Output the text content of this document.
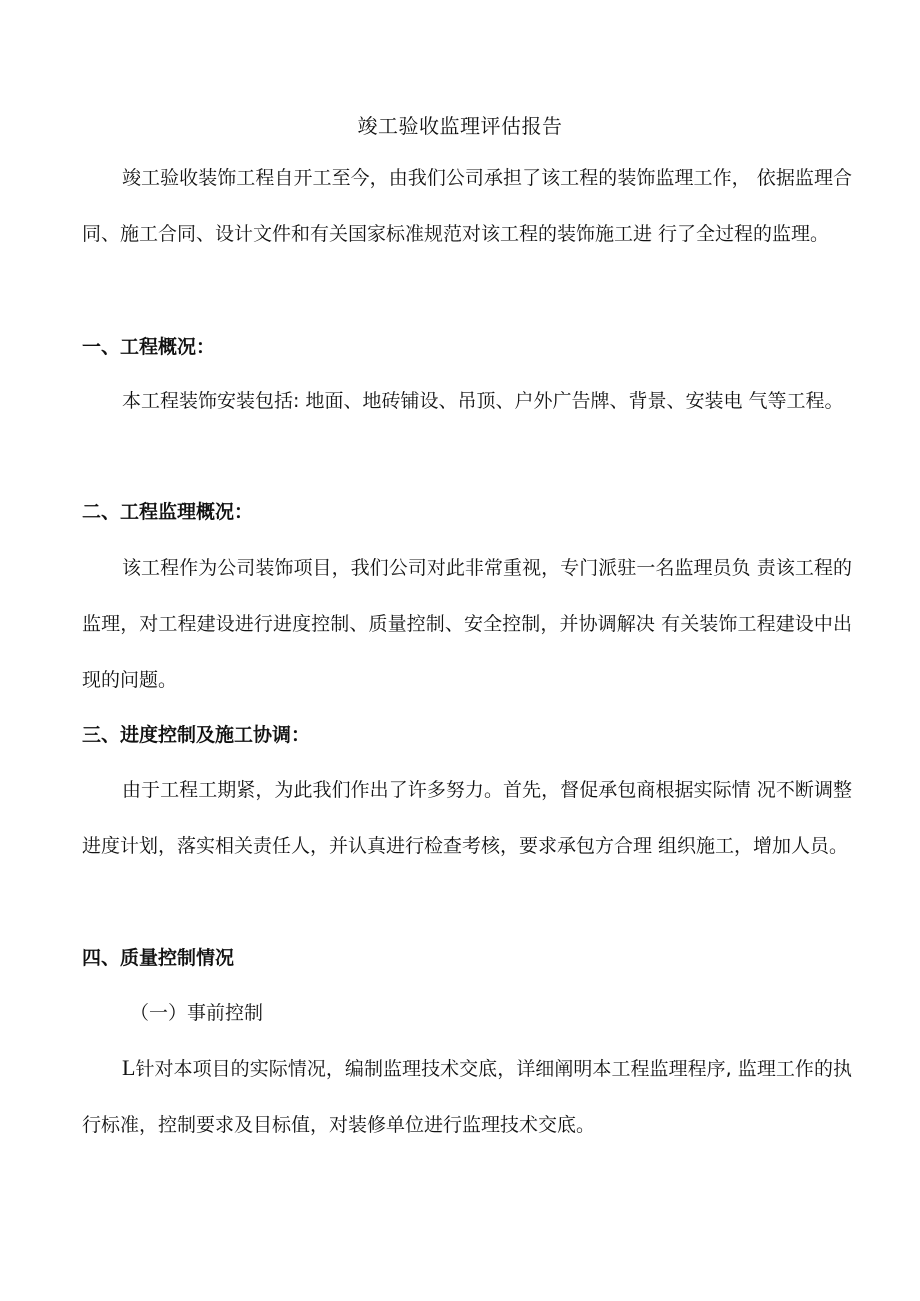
竣工验收监理评估报告
竣工验收装饰工程自开工至今，由我们公司承担了该工程的装饰监理工作， 依据监理合同、施工合同、设计文件和有关国家标准规范对该工程的装饰施工进 行了全过程的监理。
一、工程概况：
本工程装饰安装包括: 地面、地砖铺设、吊顶、户外广告牌、背景、安装电 气等工程。
二、工程监理概况：
该工程作为公司装饰项目，我们公司对此非常重视，专门派驻一名监理员负 责该工程的监理，对工程建设进行进度控制、质量控制、安全控制，并协调解决 有关装饰工程建设中出现的问题。
三、进度控制及施工协调：
由于工程工期紧，为此我们作出了许多努力。首先，督促承包商根据实际情 况不断调整进度计划，落实相关责任人，并认真进行检查考核，要求承包方合理 组织施工，增加人员。
四、质量控制情况
（一）事前控制
L针对本项目的实际情况，编制监理技术交底，详细阐明本工程监理程序, 监理工作的执行标准，控制要求及目标值，对装修单位进行监理技术交底。
